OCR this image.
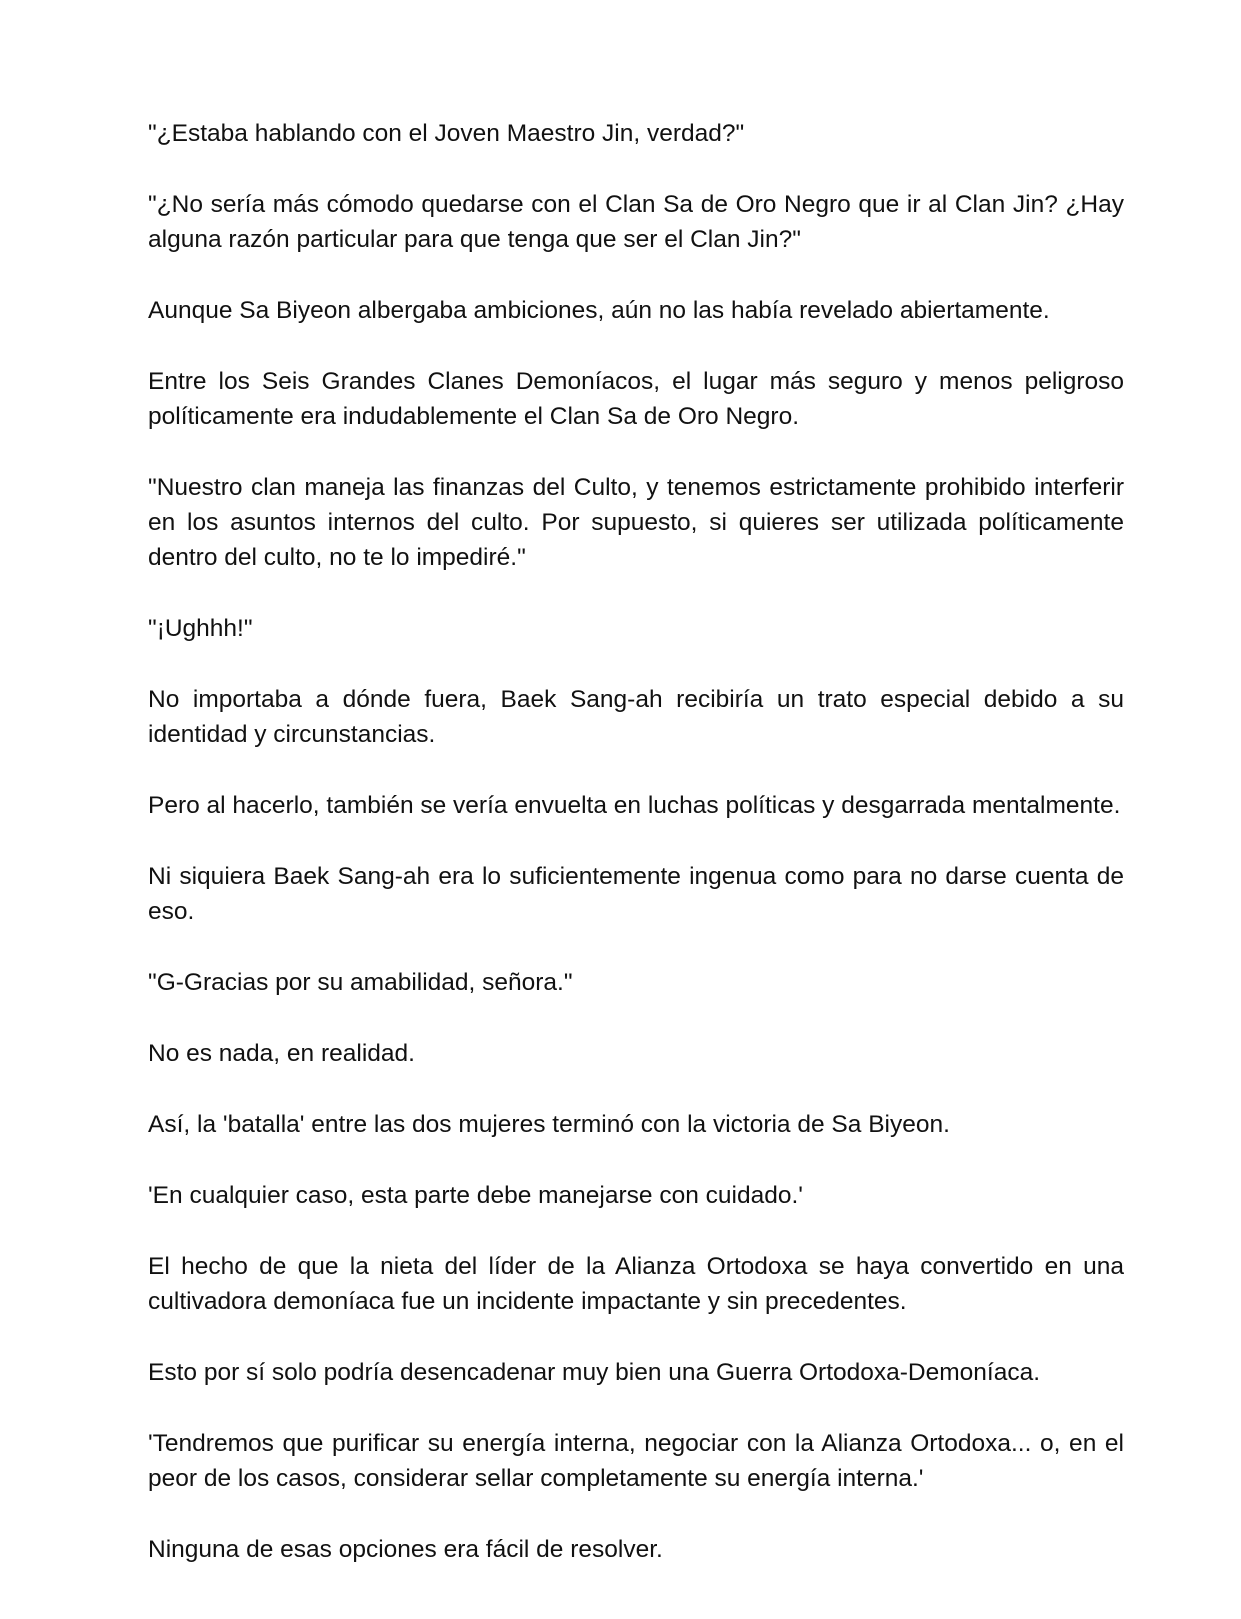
"¿Estaba hablando con el Joven Maestro Jin, verdad?"

"¿No sería más cómodo quedarse con el Clan Sa de Oro Negro que ir al Clan Jin? ¿Hay alguna razón particular para que tenga que ser el Clan Jin?"

Aunque Sa Biyeon albergaba ambiciones, aún no las había revelado abiertamente.

Entre los Seis Grandes Clanes Demoníacos, el lugar más seguro y menos peligroso políticamente era indudablemente el Clan Sa de Oro Negro.

"Nuestro clan maneja las finanzas del Culto, y tenemos estrictamente prohibido interferir en los asuntos internos del culto. Por supuesto, si quieres ser utilizada políticamente dentro del culto, no te lo impediré."

"¡Ughhh!"

No importaba a dónde fuera, Baek Sang-ah recibiría un trato especial debido a su identidad y circunstancias.

Pero al hacerlo, también se vería envuelta en luchas políticas y desgarrada mentalmente.

Ni siquiera Baek Sang-ah era lo suficientemente ingenua como para no darse cuenta de eso.

"G-Gracias por su amabilidad, señora."

No es nada, en realidad.

Así, la 'batalla' entre las dos mujeres terminó con la victoria de Sa Biyeon.

'En cualquier caso, esta parte debe manejarse con cuidado.'

El hecho de que la nieta del líder de la Alianza Ortodoxa se haya convertido en una cultivadora demoníaca fue un incidente impactante y sin precedentes.

Esto por sí solo podría desencadenar muy bien una Guerra Ortodoxa-Demoníaca.

'Tendremos que purificar su energía interna, negociar con la Alianza Ortodoxa... o, en el peor de los casos, considerar sellar completamente su energía interna.'

Ninguna de esas opciones era fácil de resolver.
